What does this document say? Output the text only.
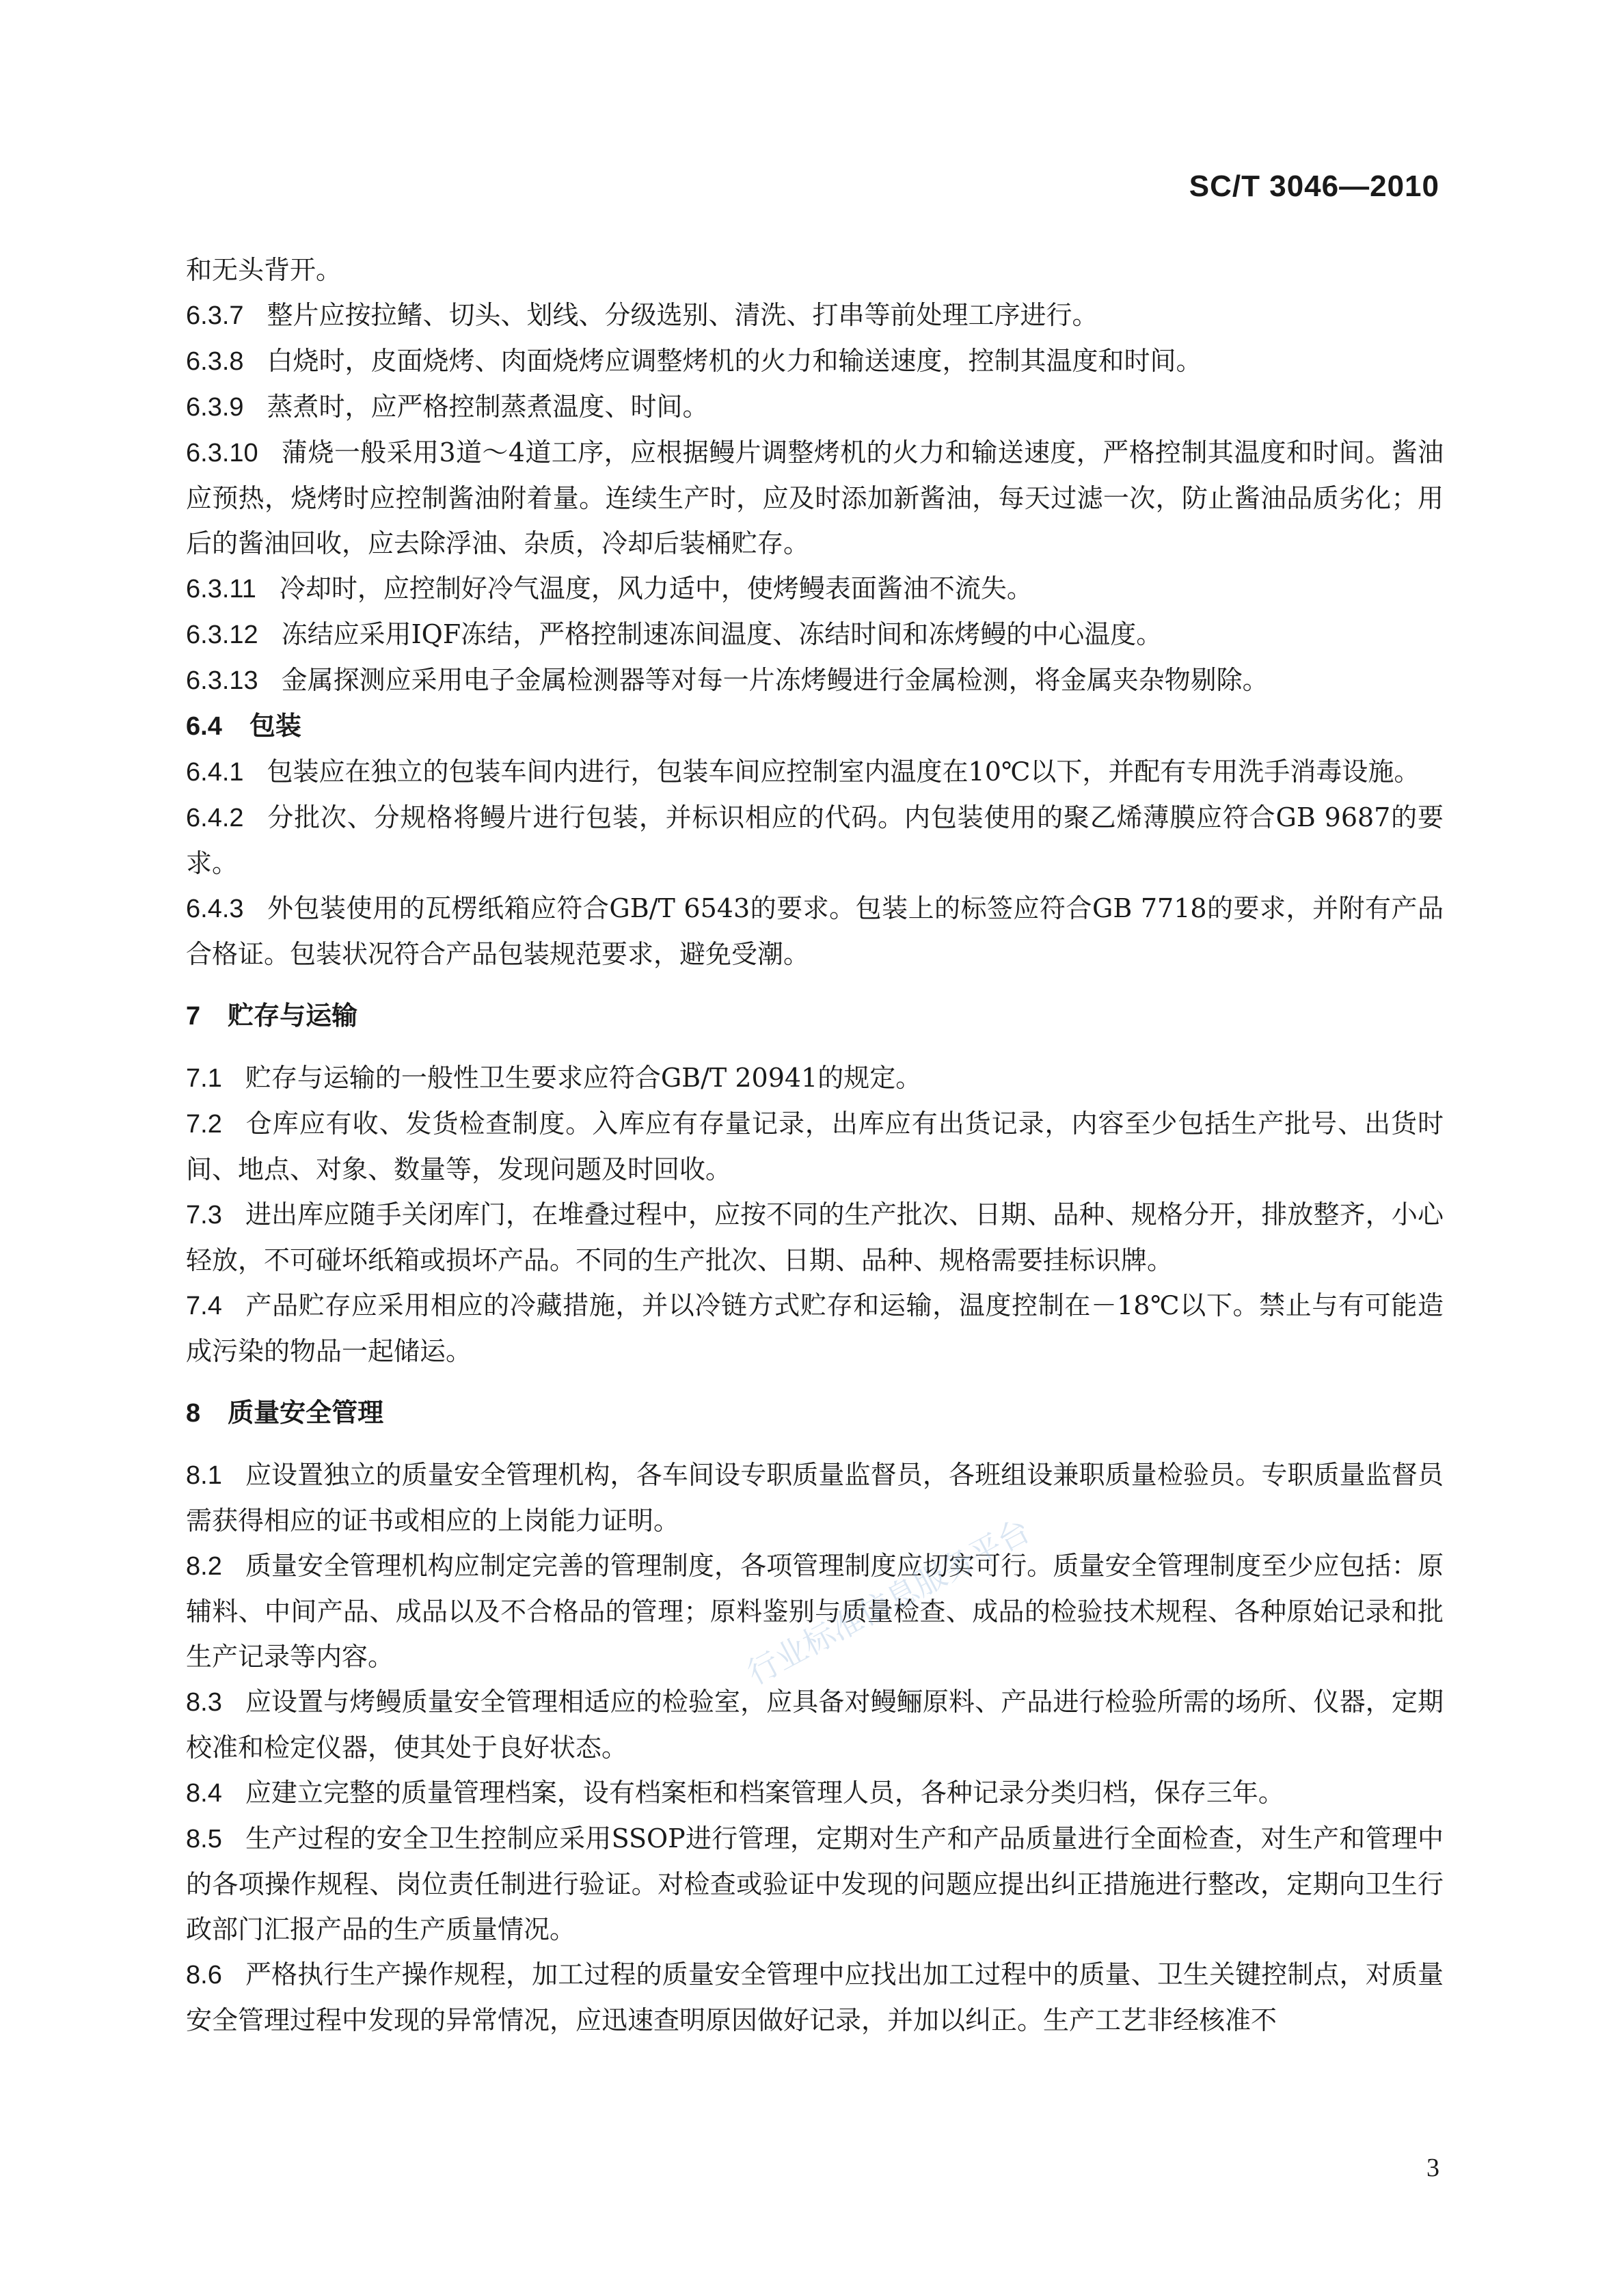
SC/T 3046—2010

和无头背开。

6.3.7 整片应按拉鳍、切头、划线、分级选别、清洗、打串等前处理工序进行。

6.3.8 白烧时，皮面烧烤、肉面烧烤应调整烤机的火力和输送速度，控制其温度和时间。

6.3.9 蒸煮时，应严格控制蒸煮温度、时间。

6.3.10 蒲烧一般采用3道～4道工序，应根据鳗片调整烤机的火力和输送速度，严格控制其温度和时间。酱油应预热，烧烤时应控制酱油附着量。连续生产时，应及时添加新酱油，每天过滤一次，防止酱油品质劣化；用后的酱油回收，应去除浮油、杂质，冷却后装桶贮存。

6.3.11 冷却时，应控制好冷气温度，风力适中，使烤鳗表面酱油不流失。

6.3.12 冻结应采用IQF冻结，严格控制速冻间温度、冻结时间和冻烤鳗的中心温度。

6.3.13 金属探测应采用电子金属检测器等对每一片冻烤鳗进行金属检测，将金属夹杂物剔除。

6.4 包装

6.4.1 包装应在独立的包装车间内进行，包装车间应控制室内温度在10℃以下，并配有专用洗手消毒设施。

6.4.2 分批次、分规格将鳗片进行包装，并标识相应的代码。内包装使用的聚乙烯薄膜应符合GB 9687的要求。

6.4.3 外包装使用的瓦楞纸箱应符合GB/T 6543的要求。包装上的标签应符合GB 7718的要求，并附有产品合格证。包装状况符合产品包装规范要求，避免受潮。

7 贮存与运输

7.1 贮存与运输的一般性卫生要求应符合GB/T 20941的规定。

7.2 仓库应有收、发货检查制度。入库应有存量记录，出库应有出货记录，内容至少包括生产批号、出货时间、地点、对象、数量等，发现问题及时回收。

7.3 进出库应随手关闭库门，在堆叠过程中，应按不同的生产批次、日期、品种、规格分开，排放整齐，小心轻放，不可碰坏纸箱或损坏产品。不同的生产批次、日期、品种、规格需要挂标识牌。

7.4 产品贮存应采用相应的冷藏措施，并以冷链方式贮存和运输，温度控制在－18℃以下。禁止与有可能造成污染的物品一起储运。

8 质量安全管理

8.1 应设置独立的质量安全管理机构，各车间设专职质量监督员，各班组设兼职质量检验员。专职质量监督员需获得相应的证书或相应的上岗能力证明。

8.2 质量安全管理机构应制定完善的管理制度，各项管理制度应切实可行。质量安全管理制度至少应包括：原辅料、中间产品、成品以及不合格品的管理；原料鉴别与质量检查、成品的检验技术规程、各种原始记录和批生产记录等内容。

8.3 应设置与烤鳗质量安全管理相适应的检验室，应具备对鳗鲡原料、产品进行检验所需的场所、仪器，定期校准和检定仪器，使其处于良好状态。

8.4 应建立完整的质量管理档案，设有档案柜和档案管理人员，各种记录分类归档，保存三年。

8.5 生产过程的安全卫生控制应采用SSOP进行管理，定期对生产和产品质量进行全面检查，对生产和管理中的各项操作规程、岗位责任制进行验证。对检查或验证中发现的问题应提出纠正措施进行整改，定期向卫生行政部门汇报产品的生产质量情况。

8.6 严格执行生产操作规程，加工过程的质量安全管理中应找出加工过程中的质量、卫生关键控制点，对质量安全管理过程中发现的异常情况，应迅速查明原因做好记录，并加以纠正。生产工艺非经核准不

行业标准信息服务平台
3
